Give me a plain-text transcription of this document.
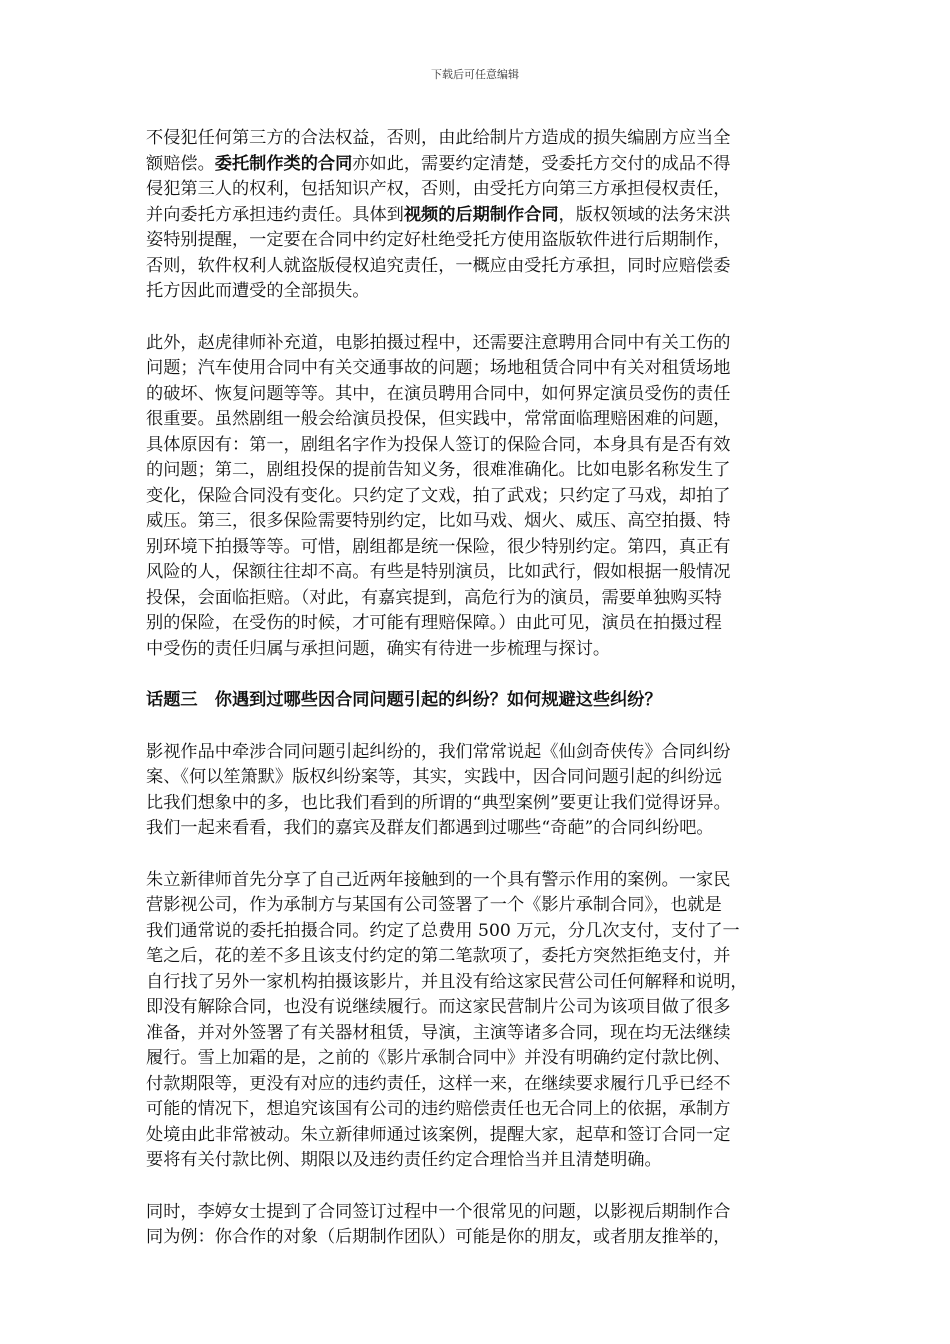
下载后可任意编辑
不侵犯任何第三方的合法权益，否则，由此给制片方造成的损失编剧方应当全
额赔偿。委托制作类的合同亦如此，需要约定清楚，受委托方交付的成品不得
侵犯第三人的权利，包括知识产权，否则，由受托方向第三方承担侵权责任，
并向委托方承担违约责任。具体到视频的后期制作合同，版权领域的法务宋洪
姿特别提醒，一定要在合同中约定好杜绝受托方使用盗版软件进行后期制作，
否则，软件权利人就盗版侵权追究责任，一概应由受托方承担，同时应赔偿委
托方因此而遭受的全部损失。
此外，赵虎律师补充道，电影拍摄过程中，还需要注意聘用合同中有关工伤的
问题；汽车使用合同中有关交通事故的问题；场地租赁合同中有关对租赁场地
的破坏、恢复问题等等。其中，在演员聘用合同中，如何界定演员受伤的责任
很重要。虽然剧组一般会给演员投保，但实践中，常常面临理赔困难的问题，
具体原因有：第一，剧组名字作为投保人签订的保险合同，本身具有是否有效
的问题；第二，剧组投保的提前告知义务，很难准确化。比如电影名称发生了
变化，保险合同没有变化。只约定了文戏，拍了武戏；只约定了马戏，却拍了
威压。第三，很多保险需要特别约定，比如马戏、烟火、威压、高空拍摄、特
别环境下拍摄等等。可惜，剧组都是统一保险，很少特别约定。第四，真正有
风险的人，保额往往却不高。有些是特别演员，比如武行，假如根据一般情况
投保，会面临拒赔。（对此，有嘉宾提到，高危行为的演员，需要单独购买特
别的保险，在受伤的时候，才可能有理赔保障。）由此可见，演员在拍摄过程
中受伤的责任归属与承担问题，确实有待进一步梳理与探讨。
话题三　 你遇到过哪些因合同问题引起的纠纷？如何规避这些纠纷？
影视作品中牵涉合同问题引起纠纷的，我们常常说起《仙剑奇侠传》合同纠纷
案、《何以笙箫默》版权纠纷案等，其实，实践中，因合同问题引起的纠纷远
比我们想象中的多，也比我们看到的所谓的“典型案例”要更让我们觉得讶异。
我们一起来看看，我们的嘉宾及群友们都遇到过哪些“奇葩”的合同纠纷吧。
朱立新律师首先分享了自己近两年接触到的一个具有警示作用的案例。一家民
营影视公司，作为承制方与某国有公司签署了一个《影片承制合同》，也就是
我们通常说的委托拍摄合同。约定了总费用 500 万元，分几次支付，支付了一
笔之后，花的差不多且该支付约定的第二笔款项了，委托方突然拒绝支付，并
自行找了另外一家机构拍摄该影片，并且没有给这家民营公司任何解释和说明，
即没有解除合同，也没有说继续履行。而这家民营制片公司为该项目做了很多
准备，并对外签署了有关器材租赁，导演，主演等诸多合同，现在均无法继续
履行。雪上加霜的是，之前的《影片承制合同中》并没有明确约定付款比例、
付款期限等，更没有对应的违约责任，这样一来，在继续要求履行几乎已经不
可能的情况下，想追究该国有公司的违约赔偿责任也无合同上的依据，承制方
处境由此非常被动。朱立新律师通过该案例，提醒大家，起草和签订合同一定
要将有关付款比例、期限以及违约责任约定合理恰当并且清楚明确。
同时，李婷女士提到了合同签订过程中一个很常见的问题，以影视后期制作合
同为例：你合作的对象（后期制作团队）可能是你的朋友，或者朋友推举的，
